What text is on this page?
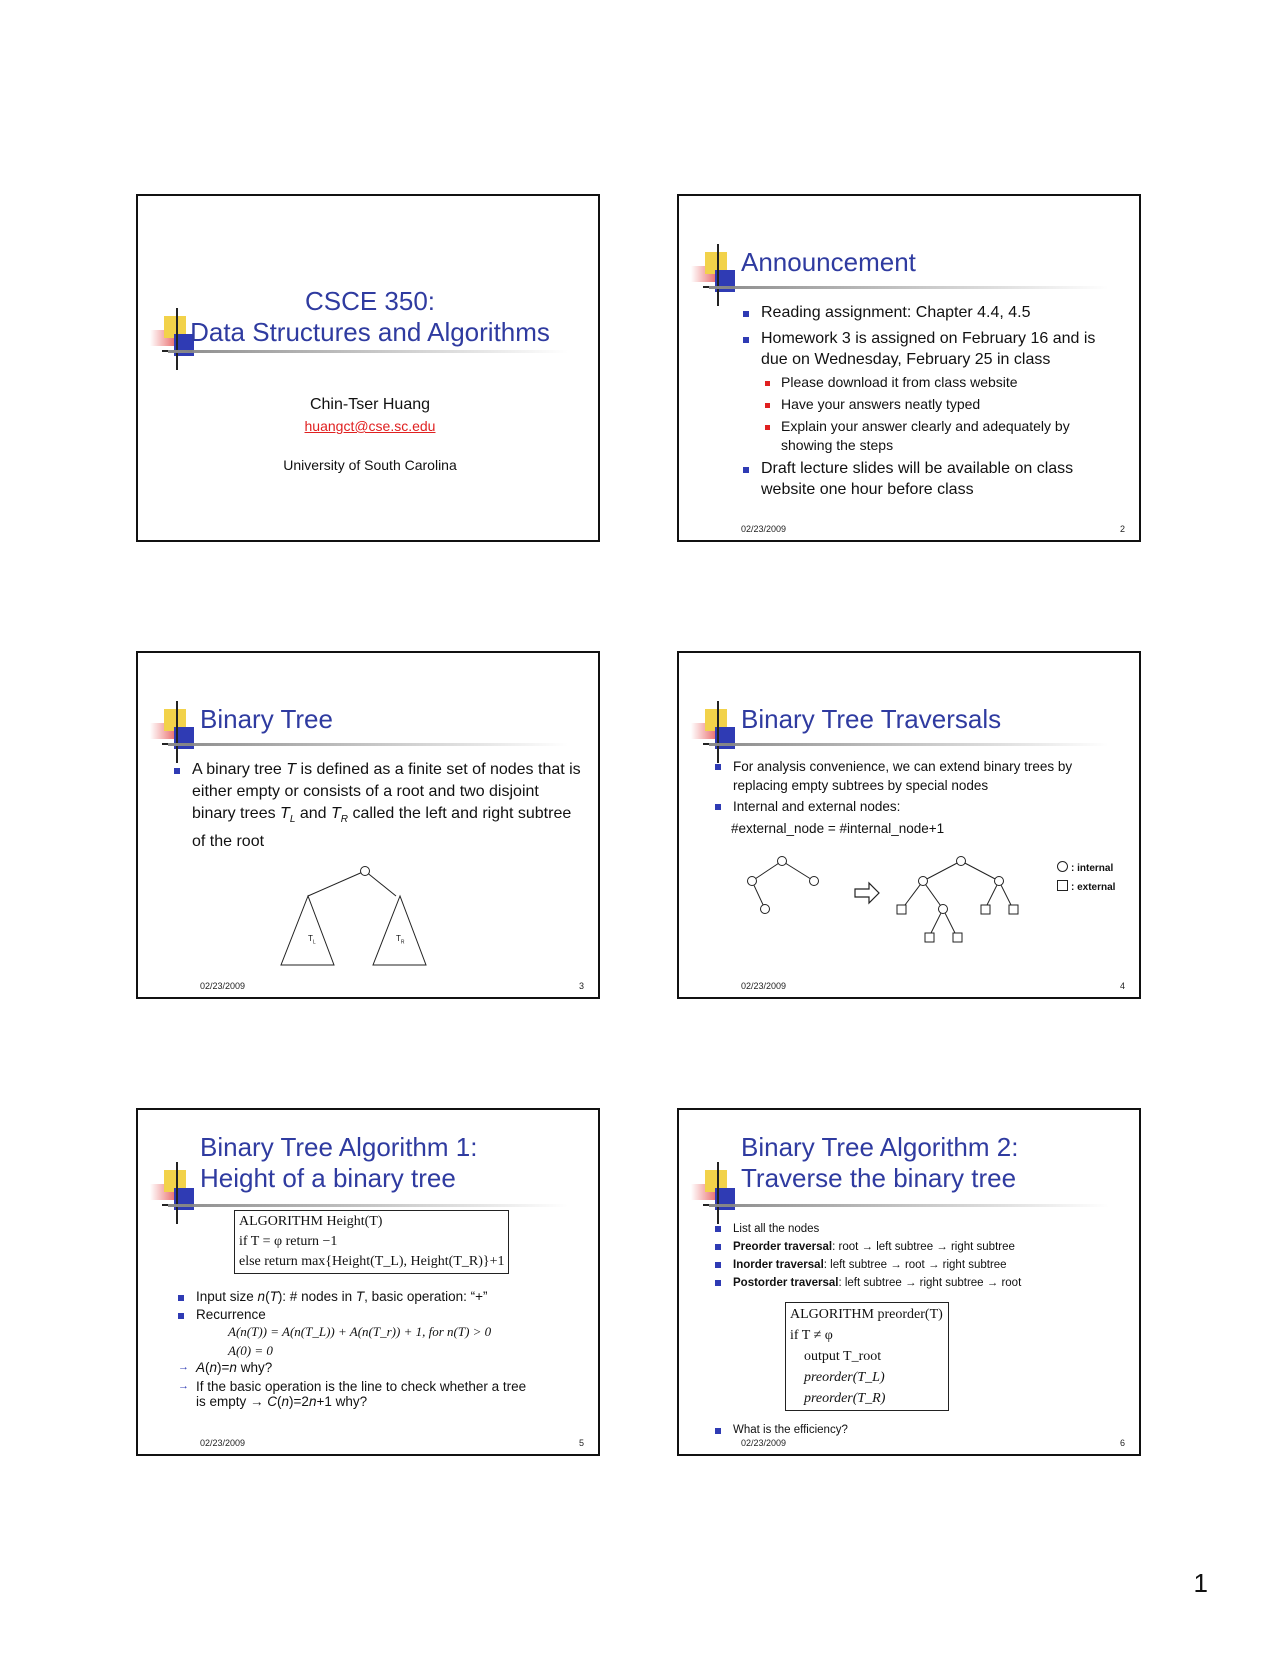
CSCE 350:
Data Structures and Algorithms
Chin-Tser Huang
huangct@cse.sc.edu
University of South Carolina
Announcement
Reading assignment: Chapter 4.4, 4.5
Homework 3 is assigned on February 16 and is due on Wednesday, February 25 in class
Please download it from class website
Have your answers neatly typed
Explain your answer clearly and adequately by showing the steps
Draft lecture slides will be available on class website one hour before class
02/23/2009	2
Binary Tree
A binary tree T is defined as a finite set of nodes that is either empty or consists of a root and two disjoint binary trees $T_L$ and $T_R$ called the left and right subtree of the root
$T_L$	$T_R$
02/23/2009	3
Binary Tree Traversals
For analysis convenience, we can extend binary trees by replacing empty subtrees by special nodes
Internal and external nodes:
#external_node = #internal_node+1
: internal
: external
02/23/2009	4
Binary Tree Algorithm 1:
Height of a binary tree
ALGORITHM Height(T)
if T = φ return −1
else return max{Height(T_L), Height(T_R)}+1
Input size n(T): # nodes in T, basic operation: “+”
Recurrence
A(n(T)) = A(n(T_L)) + A(n(T_r)) + 1, for n(T) > 0
A(0) = 0
→ A(n)=n why?
→ If the basic operation is the line to check whether a tree
is empty → C(n)=2n+1 why?
02/23/2009	5
Binary Tree Algorithm 2:
Traverse the binary tree
List all the nodes
Preorder traversal: root → left subtree → right subtree
Inorder traversal: left subtree → root → right subtree
Postorder traversal: left subtree → right subtree → root
ALGORITHM preorder(T)
if T ≠ φ
output T_root
preorder(T_L)
preorder(T_R)
What is the efficiency?
02/23/2009	6
1
